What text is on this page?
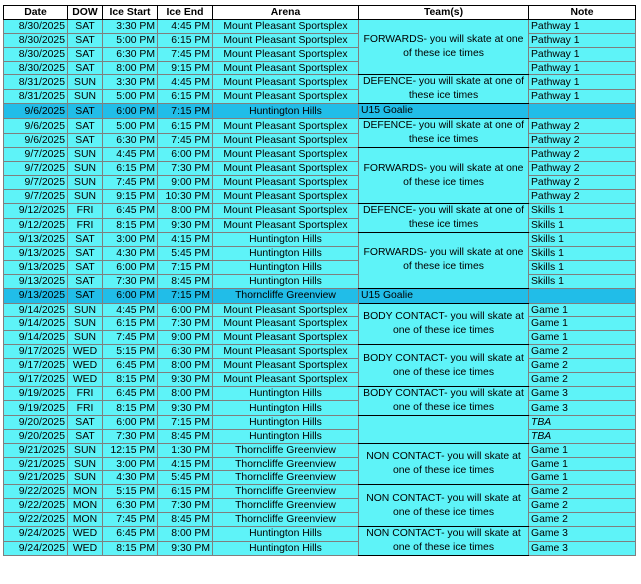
Date	DOW	Ice Start	Ice End	Arena	Team(s)	Note
8/30/2025	SAT	3:30 PM	4:45 PM	Mount Pleasant Sportsplex	FORWARDS- you will skate at one of these ice times	Pathway 1
8/30/2025	SAT	5:00 PM	6:15 PM	Mount Pleasant Sportsplex		Pathway 1
8/30/2025	SAT	6:30 PM	7:45 PM	Mount Pleasant Sportsplex		Pathway 1
8/30/2025	SAT	8:00 PM	9:15 PM	Mount Pleasant Sportsplex		Pathway 1
8/31/2025	SUN	3:30 PM	4:45 PM	Mount Pleasant Sportsplex	DEFENCE- you will skate at one of these ice times	Pathway 1
8/31/2025	SUN	5:00 PM	6:15 PM	Mount Pleasant Sportsplex		Pathway 1
9/6/2025	SAT	6:00 PM	7:15 PM	Huntington Hills	U15 Goalie	
9/6/2025	SAT	5:00 PM	6:15 PM	Mount Pleasant Sportsplex	DEFENCE- you will skate at one of these ice times	Pathway 2
9/6/2025	SAT	6:30 PM	7:45 PM	Mount Pleasant Sportsplex		Pathway 2
9/7/2025	SUN	4:45 PM	6:00 PM	Mount Pleasant Sportsplex	FORWARDS- you will skate at one of these ice times	Pathway 2
9/7/2025	SUN	6:15 PM	7:30 PM	Mount Pleasant Sportsplex		Pathway 2
9/7/2025	SUN	7:45 PM	9:00 PM	Mount Pleasant Sportsplex		Pathway 2
9/7/2025	SUN	9:15 PM	10:30 PM	Mount Pleasant Sportsplex		Pathway 2
9/12/2025	FRI	6:45 PM	8:00 PM	Mount Pleasant Sportsplex	DEFENCE- you will skate at one of these ice times	Skills 1
9/12/2025	FRI	8:15 PM	9:30 PM	Mount Pleasant Sportsplex		Skills 1
9/13/2025	SAT	3:00 PM	4:15 PM	Huntington Hills	FORWARDS- you will skate at one of these ice times	Skills 1
9/13/2025	SAT	4:30 PM	5:45 PM	Huntington Hills		Skills 1
9/13/2025	SAT	6:00 PM	7:15 PM	Huntington Hills		Skills 1
9/13/2025	SAT	7:30 PM	8:45 PM	Huntington Hills		Skills 1
9/13/2025	SAT	6:00 PM	7:15 PM	Thorncliffe Greenview	U15 Goalie	
9/14/2025	SUN	4:45 PM	6:00 PM	Mount Pleasant Sportsplex	BODY CONTACT- you will skate at one of these ice times	Game 1
9/14/2025	SUN	6:15 PM	7:30 PM	Mount Pleasant Sportsplex		Game 1
9/14/2025	SUN	7:45 PM	9:00 PM	Mount Pleasant Sportsplex		Game 1
9/17/2025	WED	5:15 PM	6:30 PM	Mount Pleasant Sportsplex	BODY CONTACT- you will skate at one of these ice times	Game 2
9/17/2025	WED	6:45 PM	8:00 PM	Mount Pleasant Sportsplex		Game 2
9/17/2025	WED	8:15 PM	9:30 PM	Mount Pleasant Sportsplex		Game 2
9/19/2025	FRI	6:45 PM	8:00 PM	Huntington Hills	BODY CONTACT- you will skate at one of these ice times	Game 3
9/19/2025	FRI	8:15 PM	9:30 PM	Huntington Hills		Game 3
9/20/2025	SAT	6:00 PM	7:15 PM	Huntington Hills		TBA
9/20/2025	SAT	7:30 PM	8:45 PM	Huntington Hills		TBA
9/21/2025	SUN	12:15 PM	1:30 PM	Thorncliffe Greenview	NON CONTACT- you will skate at one of these ice times	Game 1
9/21/2025	SUN	3:00 PM	4:15 PM	Thorncliffe Greenview		Game 1
9/21/2025	SUN	4:30 PM	5:45 PM	Thorncliffe Greenview		Game 1
9/22/2025	MON	5:15 PM	6:15 PM	Thorncliffe Greenview	NON CONTACT- you will skate at one of these ice times	Game 2
9/22/2025	MON	6:30 PM	7:30 PM	Thorncliffe Greenview		Game 2
9/22/2025	MON	7:45 PM	8:45 PM	Thorncliffe Greenview		Game 2
9/24/2025	WED	6:45 PM	8:00 PM	Huntington Hills	NON CONTACT- you will skate at one of these ice times	Game 3
9/24/2025	WED	8:15 PM	9:30 PM	Huntington Hills		Game 3
